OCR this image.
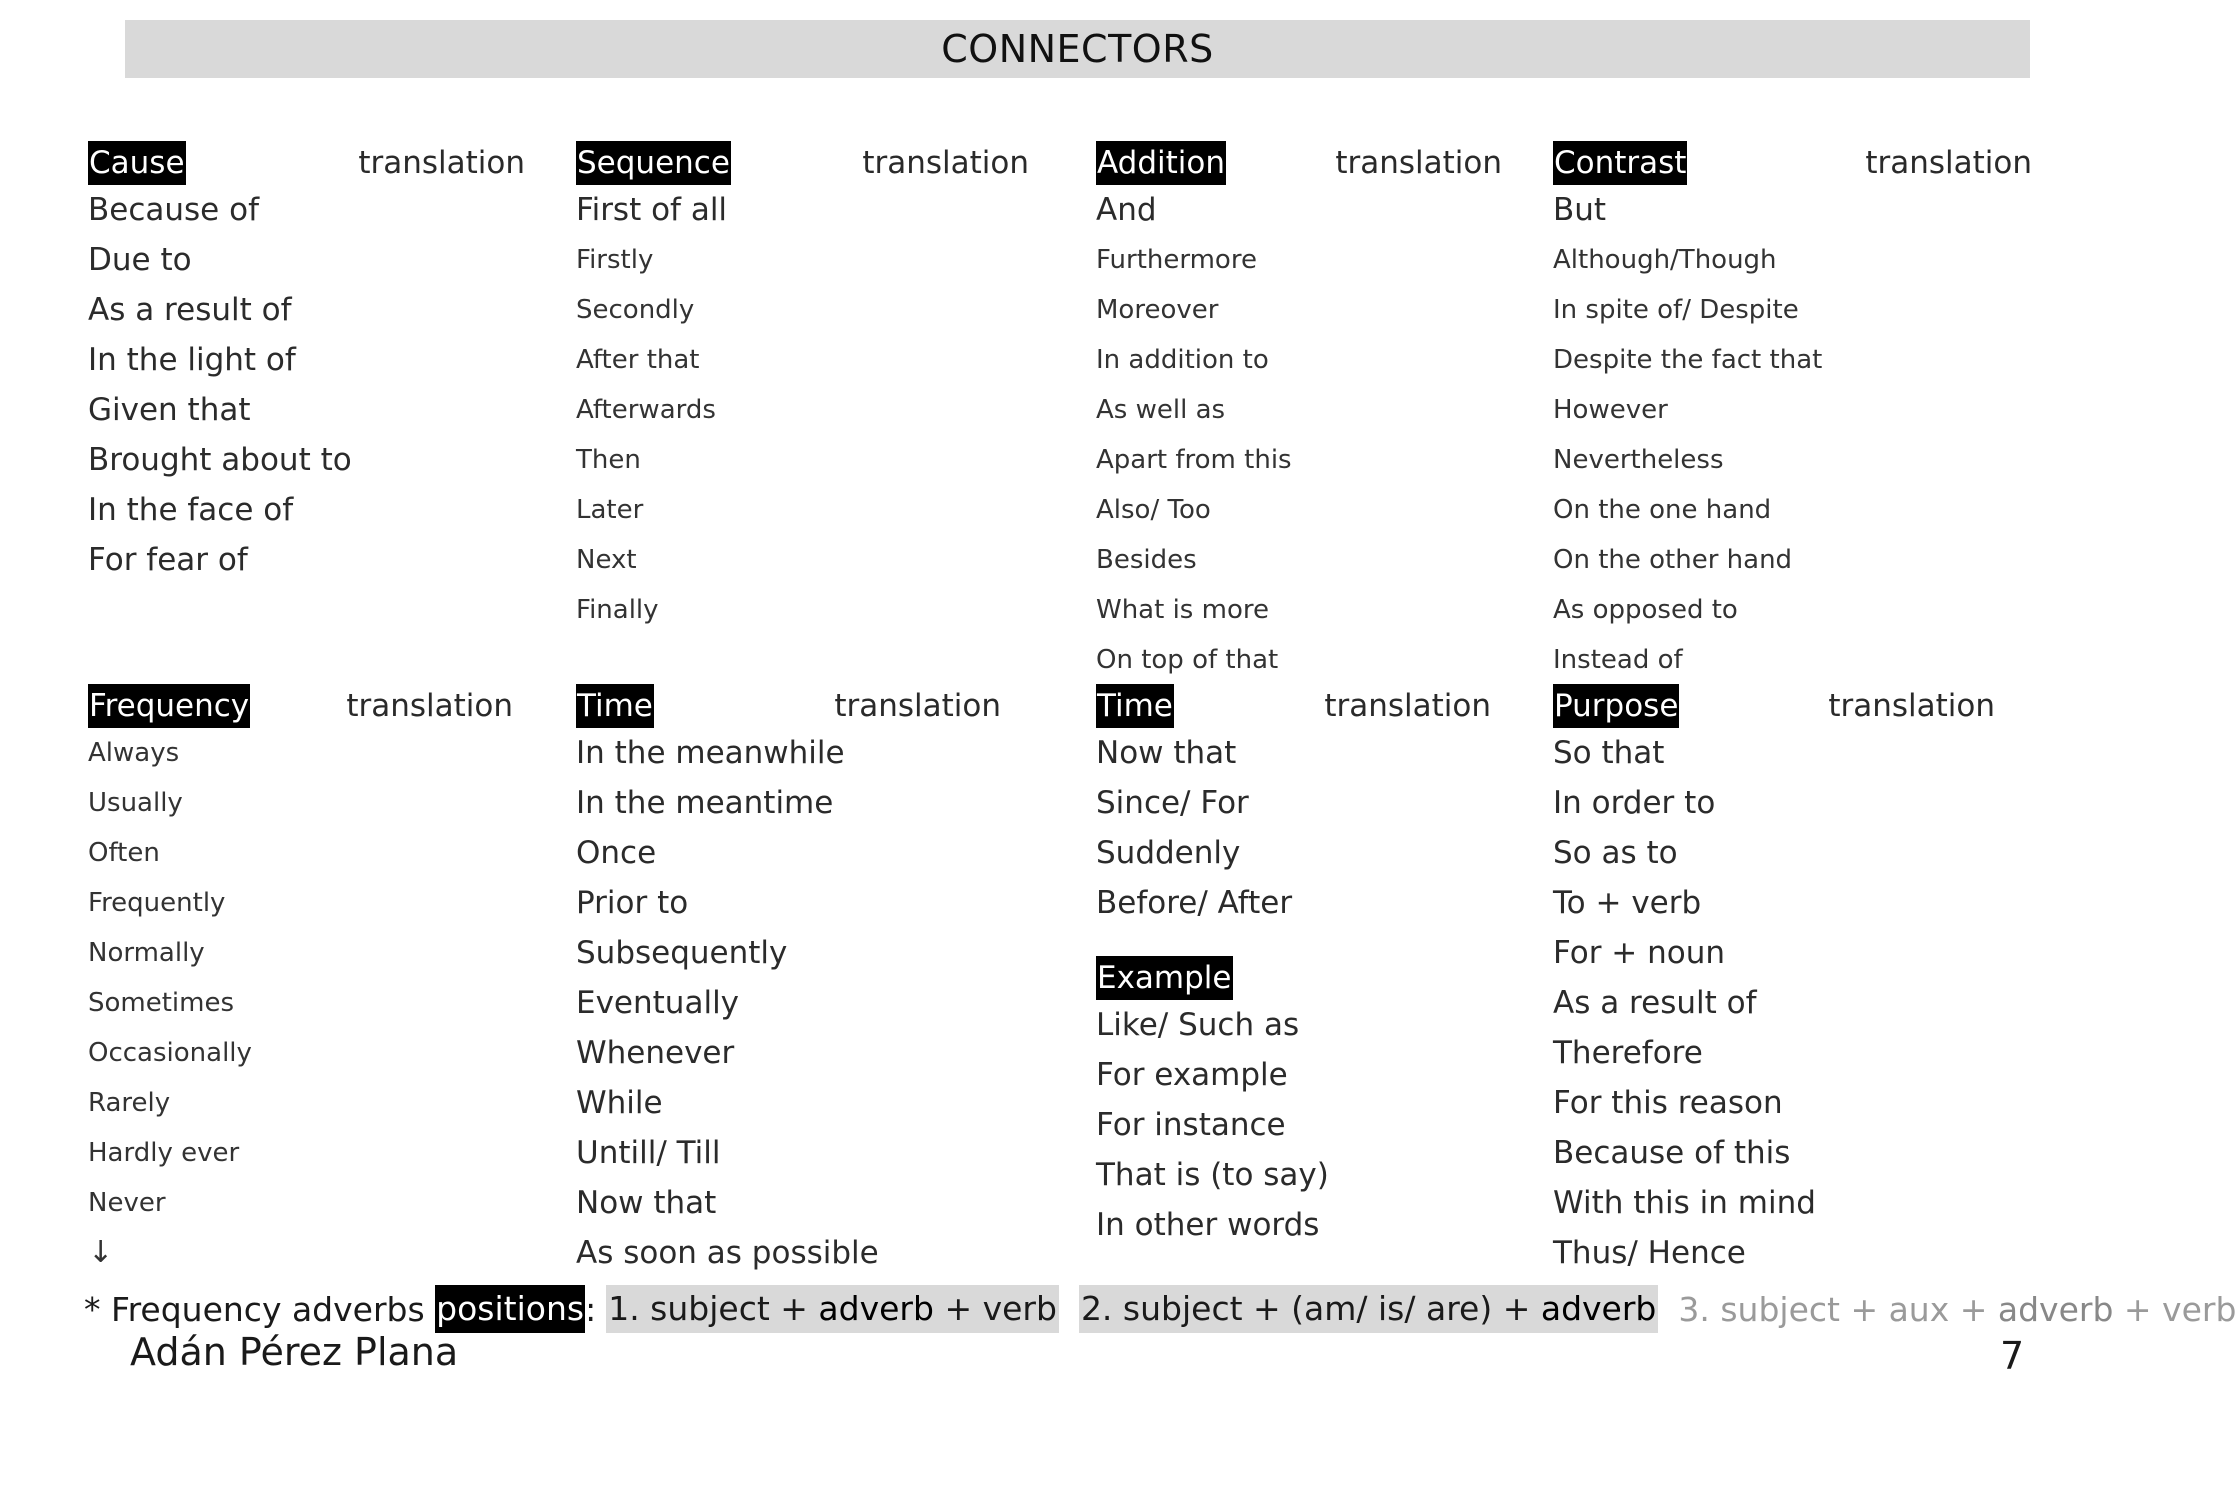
CONNECTORS
Cause	translation
Because of
Due to
As a result of
In the light of
Given that
Brought about to
In the face of
For fear of
Sequence	translation
First of all
Firstly
Secondly
After that
Afterwards
Then
Later
Next
Finally
Addition	translation
And
Furthermore
Moreover
In addition to
As well as
Apart from this
Also/ Too
Besides
What is more
On top of that
Contrast	translation
But
Although/Though
In spite of/ Despite
Despite the fact that
However
Nevertheless
On the one hand
On the other hand
As opposed to
Instead of
Frequency	translation
Always
Usually
Often
Frequently
Normally
Sometimes
Occasionally
Rarely
Hardly ever
Never
↓
Time	translation
In the meanwhile
In the meantime
Once
Prior to
Subsequently
Eventually
Whenever
While
Untill/ Till
Now that
As soon as possible
Time	translation
Now that
Since/ For
Suddenly
Before/ After
Example
Like/ Such as
For example
For instance
That is (to say)
In other words
Purpose	translation
So that
In order to
So as to
To + verb
For + noun
As a result of
Therefore
For this reason
Because of this
With this in mind
Thus/ Hence
* Frequency adverbs positions : 1. subject + adverb + verb 2. subject + (am/ is/ are) + adverb 3. subject + aux + adverb + verb
Adán Pérez Plana	7
